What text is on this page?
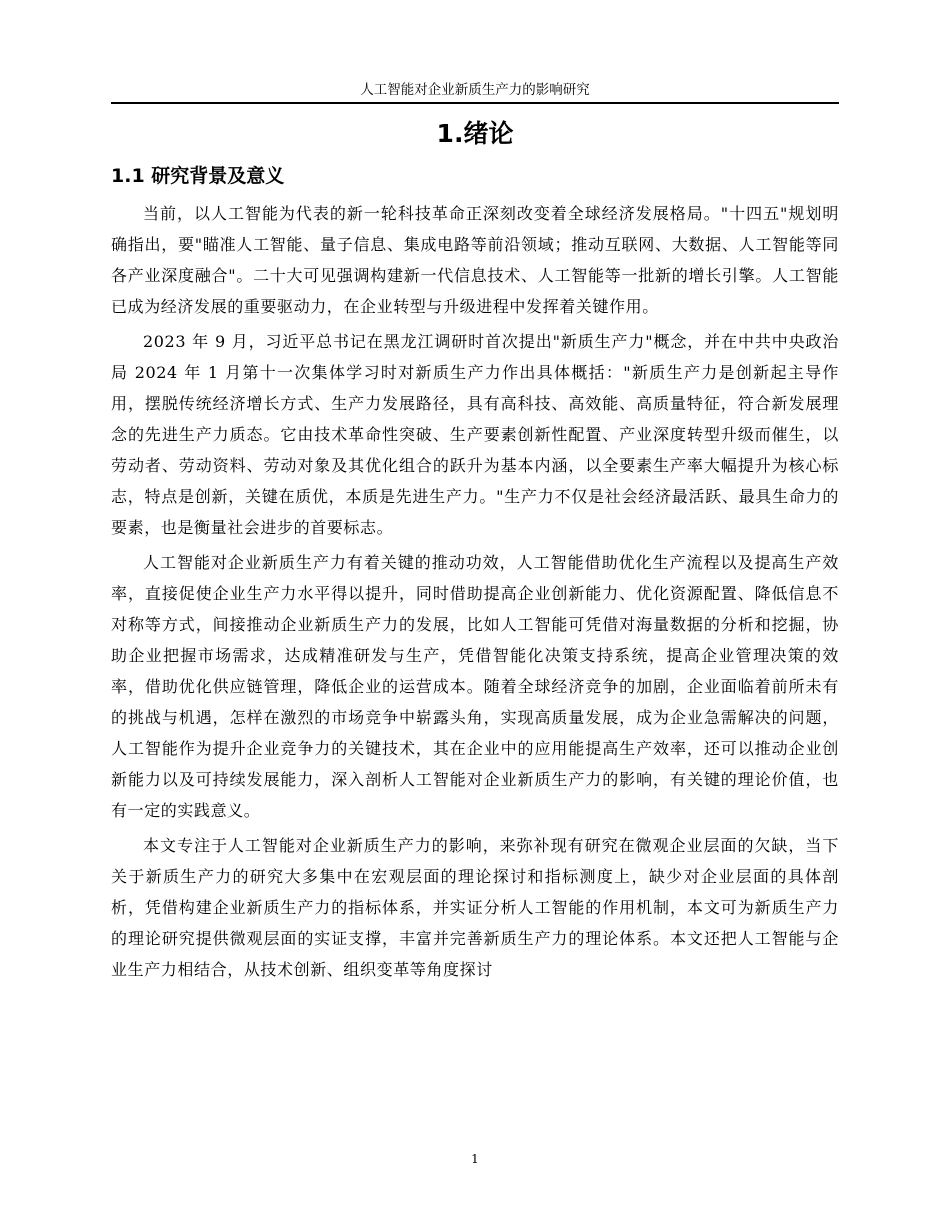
人工智能对企业新质生产力的影响研究
1.绪论
1.1 研究背景及意义

当前，以人工智能为代表的新一轮科技革命正深刻改变着全球经济发展格局。"十四五"规划明确指出，要"瞄准人工智能、量子信息、集成电路等前沿领域；推动互联网、大数据、人工智能等同各产业深度融合"。二十大可见强调构建新一代信息技术、人工智能等一批新的增长引擎。人工智能已成为经济发展的重要驱动力，在企业转型与升级进程中发挥着关键作用。

2023 年 9 月，习近平总书记在黑龙江调研时首次提出"新质生产力"概念，并在中共中央政治局 2024 年 1 月第十一次集体学习时对新质生产力作出具体概括："新质生产力是创新起主导作用，摆脱传统经济增长方式、生产力发展路径，具有高科技、高效能、高质量特征，符合新发展理念的先进生产力质态。它由技术革命性突破、生产要素创新性配置、产业深度转型升级而催生，以劳动者、劳动资料、劳动对象及其优化组合的跃升为基本内涵，以全要素生产率大幅提升为核心标志，特点是创新，关键在质优，本质是先进生产力。"生产力不仅是社会经济最活跃、最具生命力的要素，也是衡量社会进步的首要标志。

人工智能对企业新质生产力有着关键的推动功效，人工智能借助优化生产流程以及提高生产效率，直接促使企业生产力水平得以提升，同时借助提高企业创新能力、优化资源配置、降低信息不对称等方式，间接推动企业新质生产力的发展，比如人工智能可凭借对海量数据的分析和挖掘，协助企业把握市场需求，达成精准研发与生产，凭借智能化决策支持系统，提高企业管理决策的效率，借助优化供应链管理，降低企业的运营成本。随着全球经济竞争的加剧，企业面临着前所未有的挑战与机遇，怎样在激烈的市场竞争中崭露头角，实现高质量发展，成为企业急需解决的问题，人工智能作为提升企业竞争力的关键技术，其在企业中的应用能提高生产效率，还可以推动企业创新能力以及可持续发展能力，深入剖析人工智能对企业新质生产力的影响，有关键的理论价值，也有一定的实践意义。

本文专注于人工智能对企业新质生产力的影响，来弥补现有研究在微观企业层面的欠缺，当下关于新质生产力的研究大多集中在宏观层面的理论探讨和指标测度上，缺少对企业层面的具体剖析，凭借构建企业新质生产力的指标体系，并实证分析人工智能的作用机制，本文可为新质生产力的理论研究提供微观层面的实证支撑，丰富并完善新质生产力的理论体系。本文还把人工智能与企业生产力相结合，从技术创新、组织变革等角度探讨

1
